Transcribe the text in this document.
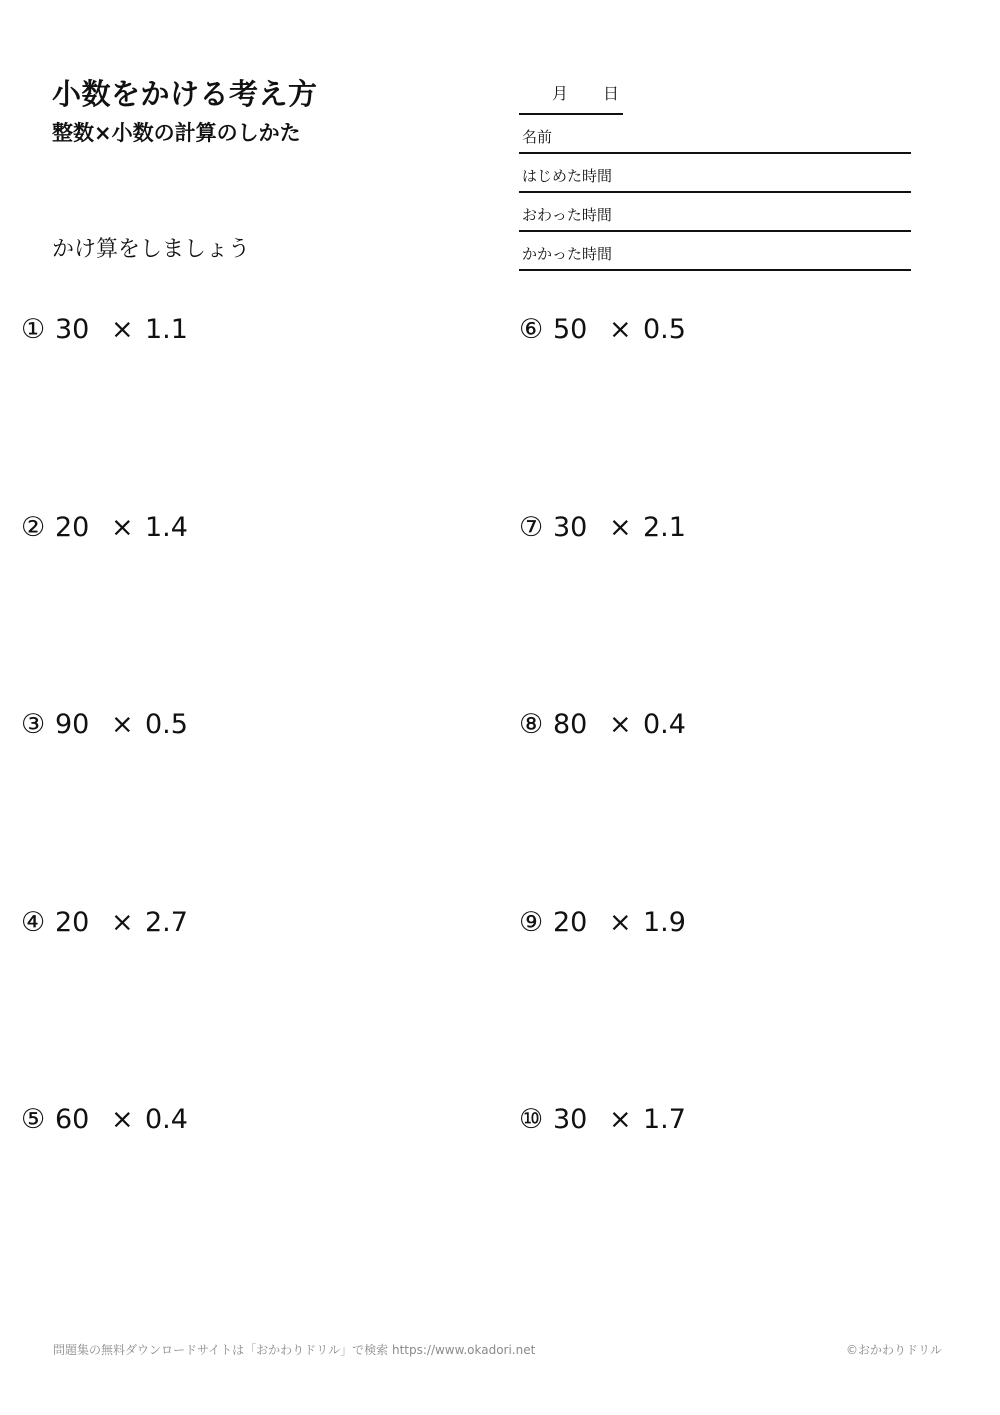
小数をかける考え方
整数×小数の計算のしかた
かけ算をしましょう
月 日
名前
はじめた時間
おわった時間
かかった時間
① 30 × 1.1
② 20 × 1.4
③ 90 × 0.5
④ 20 × 2.7
⑤ 60 × 0.4
⑥ 50 × 0.5
⑦ 30 × 2.1
⑧ 80 × 0.4
⑨ 20 × 1.9
⑩ 30 × 1.7
問題集の無料ダウンロードサイトは「おかわりドリル」で検索 https://www.okadori.net	©おかわりドリル
